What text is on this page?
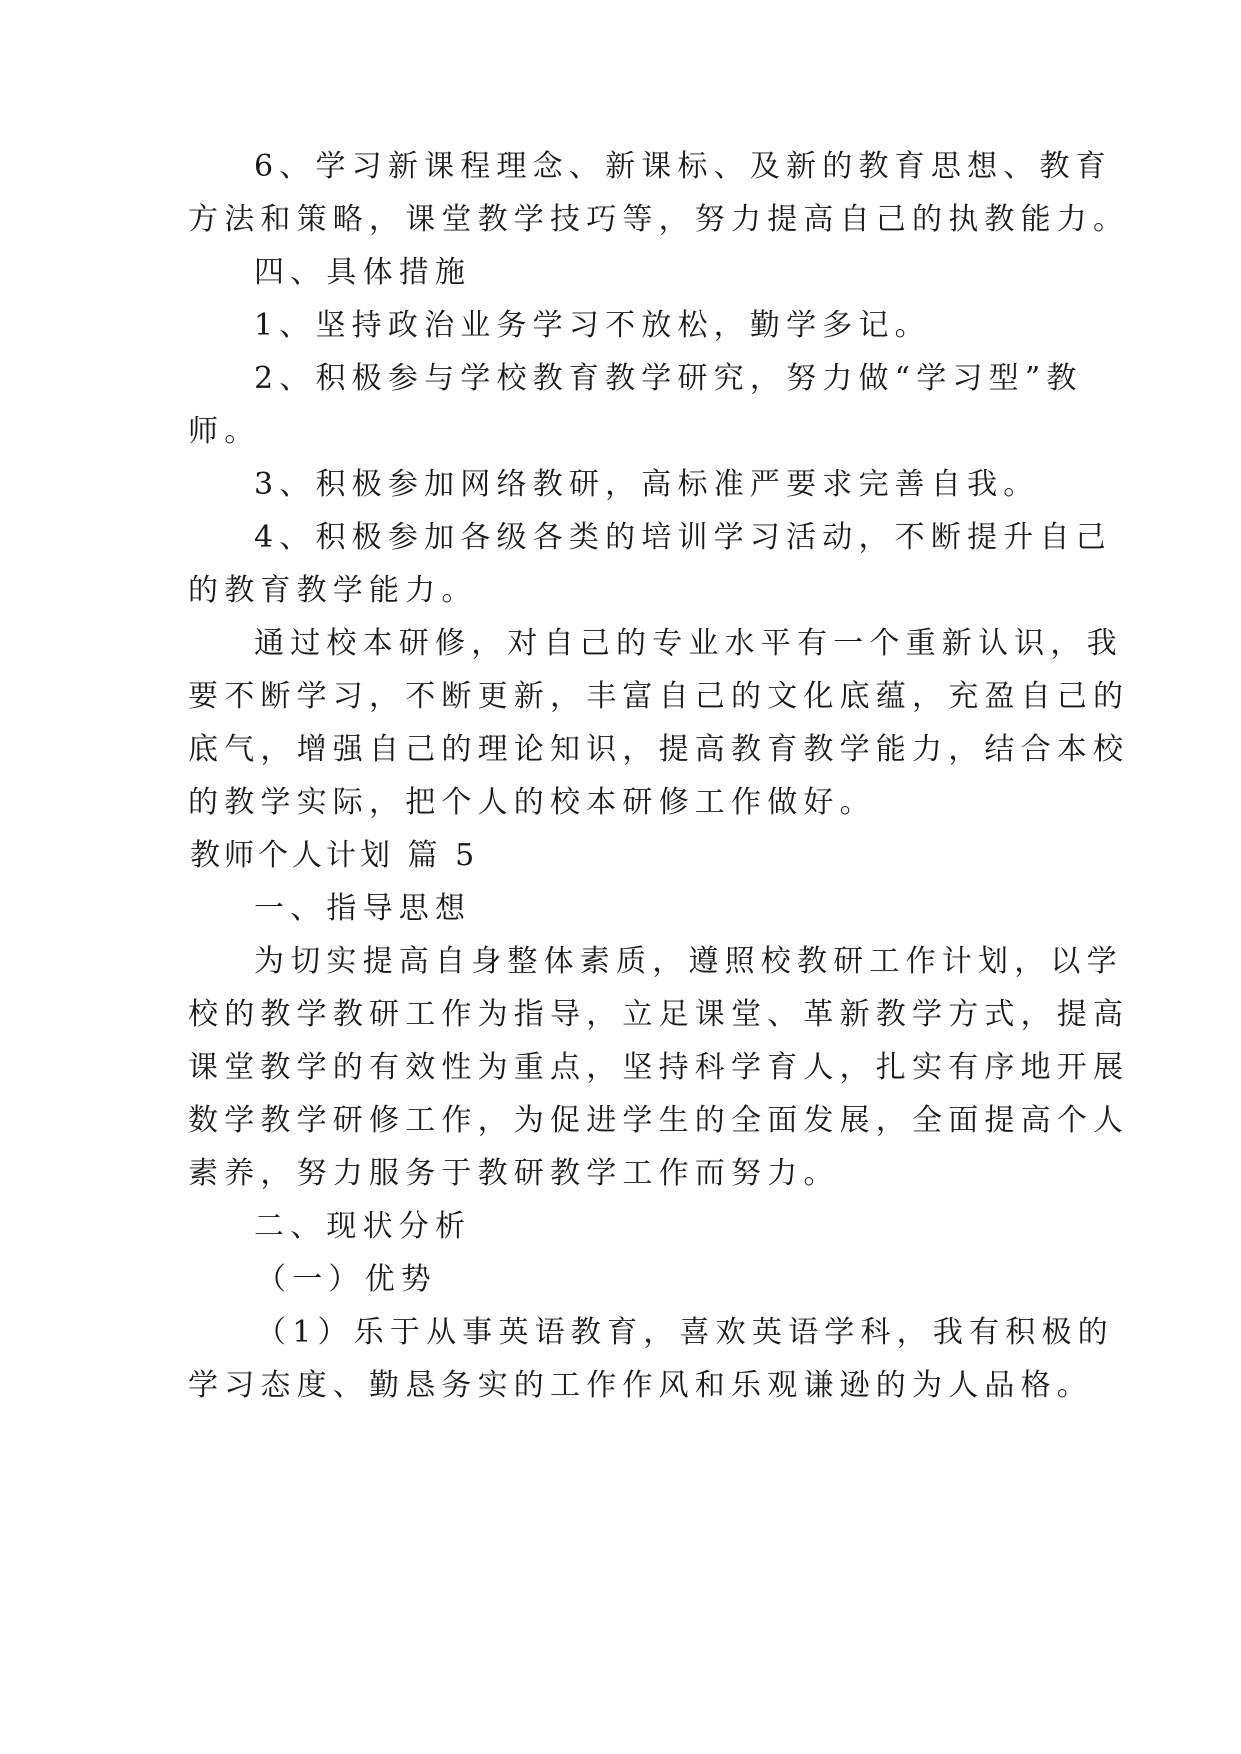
6、学习新课程理念、新课标、及新的教育思想、教育
方法和策略，课堂教学技巧等，努力提高自己的执教能力。
四、具体措施
1、坚持政治业务学习不放松，勤学多记。
2、积极参与学校教育教学研究，努力做“学习型”教
师。
3、积极参加网络教研，高标准严要求完善自我。
4、积极参加各级各类的培训学习活动，不断提升自己
的教育教学能力。
通过校本研修，对自己的专业水平有一个重新认识，我
要不断学习，不断更新，丰富自己的文化底蕴，充盈自己的
底气，增强自己的理论知识，提高教育教学能力，结合本校
的教学实际，把个人的校本研修工作做好。
教师个人计划 篇 5
一、指导思想
为切实提高自身整体素质，遵照校教研工作计划，以学
校的教学教研工作为指导，立足课堂、革新教学方式，提高
课堂教学的有效性为重点，坚持科学育人，扎实有序地开展
数学教学研修工作，为促进学生的全面发展，全面提高个人
素养，努力服务于教研教学工作而努力。
二、现状分析
（一）优势
（1）乐于从事英语教育，喜欢英语学科，我有积极的
学习态度、勤恳务实的工作作风和乐观谦逊的为人品格。
